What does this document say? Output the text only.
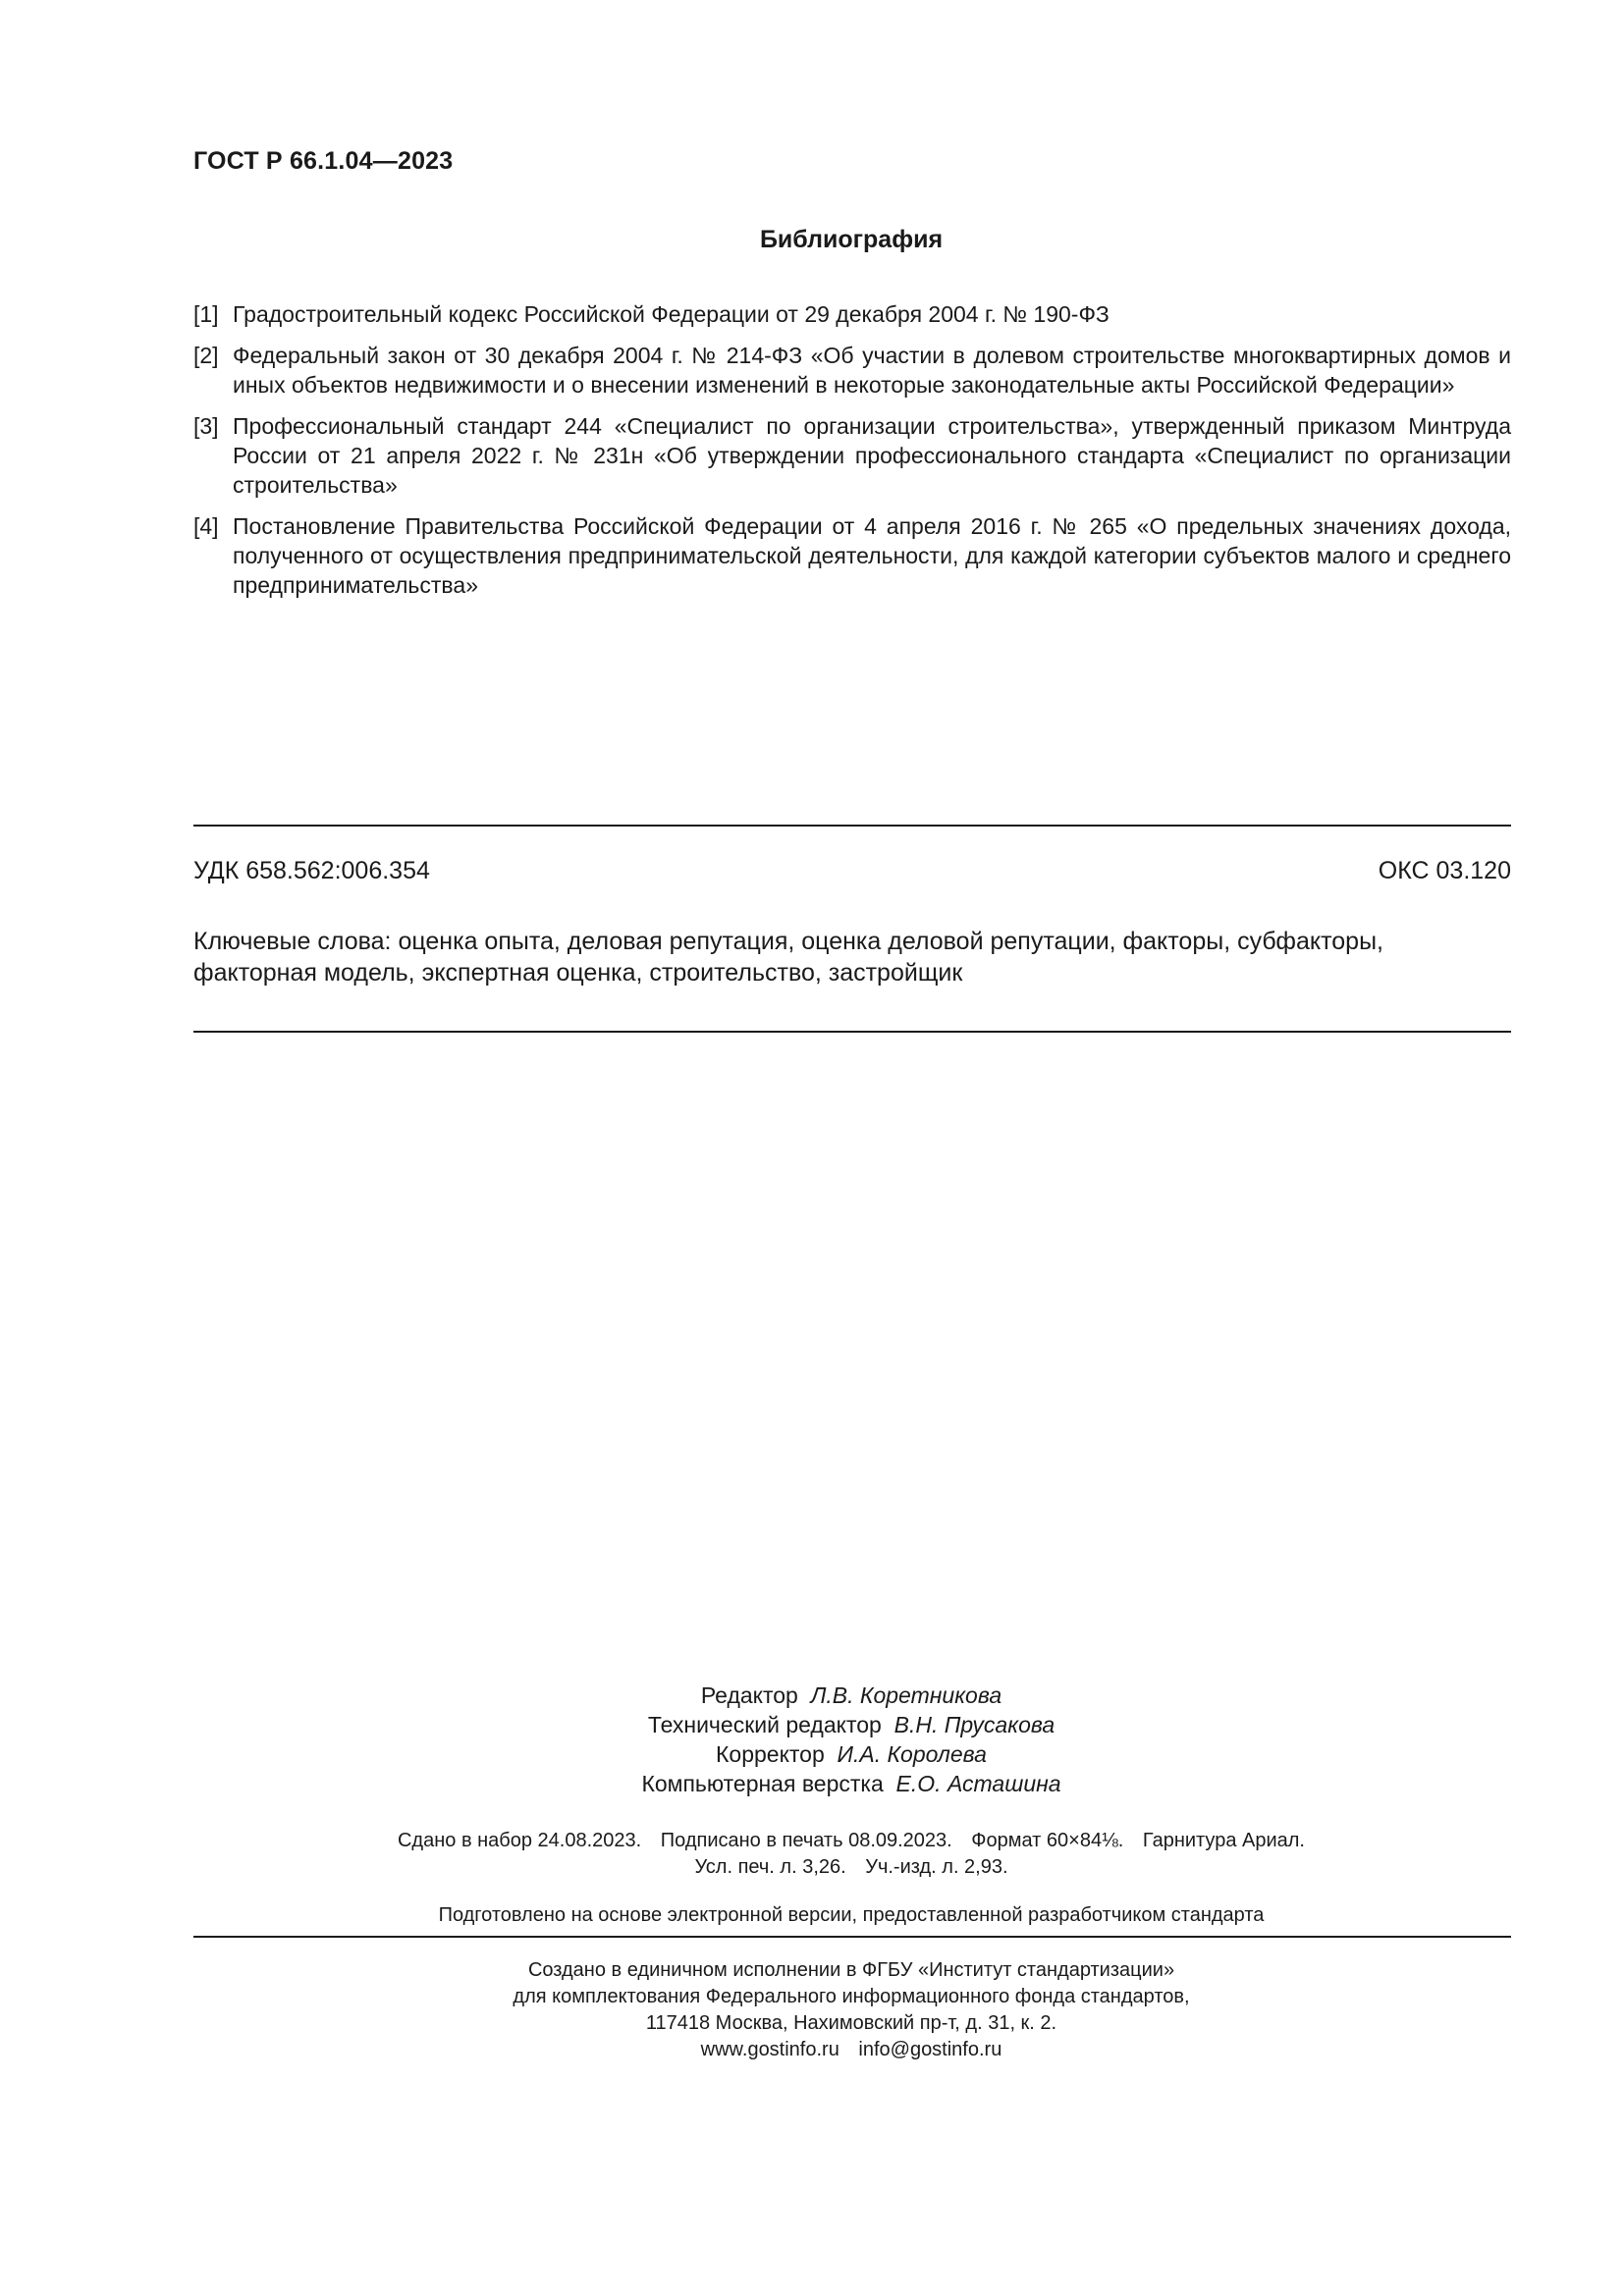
ГОСТ Р 66.1.04—2023
Библиография
[1] Градостроительный кодекс Российской Федерации от 29 декабря 2004 г. № 190-ФЗ
[2] Федеральный закон от 30 декабря 2004 г. № 214-ФЗ «Об участии в долевом строительстве многоквартирных домов и иных объектов недвижимости и о внесении изменений в некоторые законодательные акты Российской Федерации»
[3] Профессиональный стандарт 244 «Специалист по организации строительства», утвержденный приказом Минтруда России от 21 апреля 2022 г. № 231н «Об утверждении профессионального стандарта «Специалист по организации строительства»
[4] Постановление Правительства Российской Федерации от 4 апреля 2016 г. № 265 «О предельных значениях дохода, полученного от осуществления предпринимательской деятельности, для каждой категории субъектов малого и среднего предпринимательства»
УДК 658.562:006.354	ОКС 03.120
Ключевые слова: оценка опыта, деловая репутация, оценка деловой репутации, факторы, субфакторы, факторная модель, экспертная оценка, строительство, застройщик
Редактор Л.В. Коретникова
Технический редактор В.Н. Прусакова
Корректор И.А. Королева
Компьютерная верстка Е.О. Асташина
Сдано в набор 24.08.2023. Подписано в печать 08.09.2023. Формат 60×84⅛. Гарнитура Ариал.
Усл. печ. л. 3,26. Уч.-изд. л. 2,93.
Подготовлено на основе электронной версии, предоставленной разработчиком стандарта
Создано в единичном исполнении в ФГБУ «Институт стандартизации»
для комплектования Федерального информационного фонда стандартов,
117418 Москва, Нахимовский пр-т, д. 31, к. 2.
www.gostinfo.ru info@gostinfo.ru
